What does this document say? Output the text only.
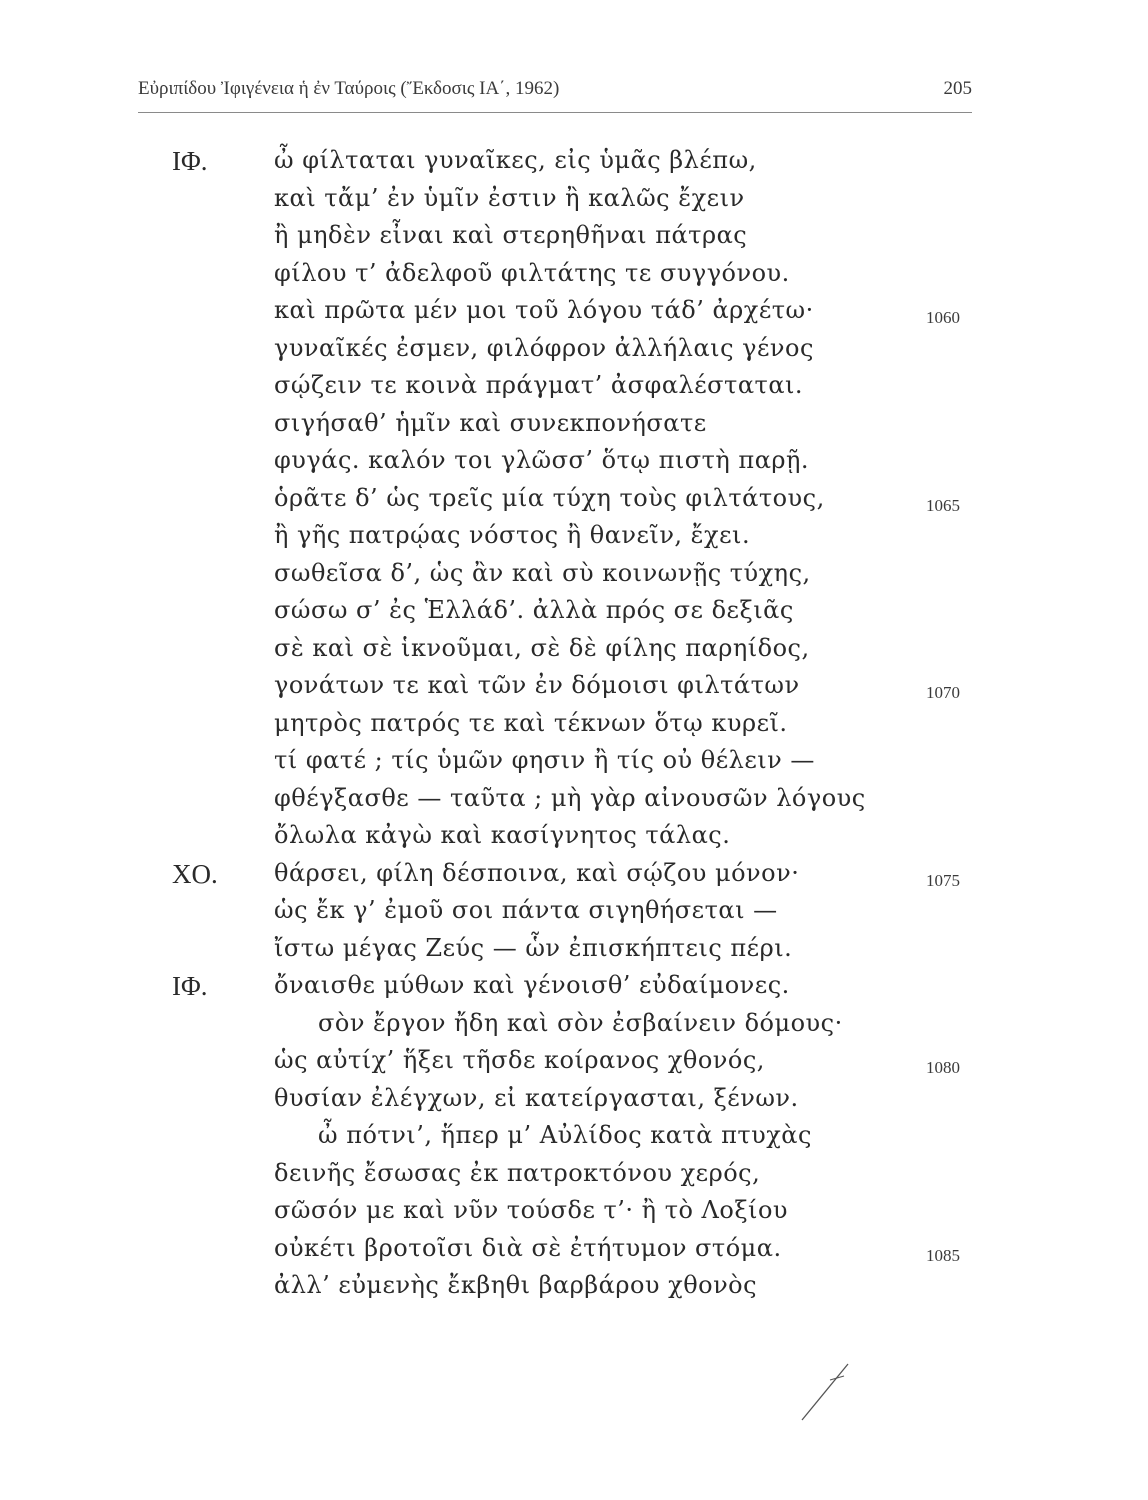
Εὐριπίδου Ἰφιγένεια ἡ ἐν Ταύροις (Ἔκδοσις ΙΑ΄, 1962)	205
ΙΦ.	ὦ φίλταται γυναῖκες, εἰς ὑμᾶς βλέπω,
καὶ τἄμ’ ἐν ὑμῖν ἐστιν ἢ καλῶς ἔχειν
ἢ μηδὲν εἶναι καὶ στερηθῆναι πάτρας
φίλου τ’ ἀδελφοῦ φιλτάτης τε συγγόνου.
καὶ πρῶτα μέν μοι τοῦ λόγου τάδ’ ἀρχέτω·	1060
γυναῖκές ἐσμεν, φιλόφρον ἀλλήλαις γένος
σῴζειν τε κοινὰ πράγματ’ ἀσφαλέσταται.
σιγήσαθ’ ἡμῖν καὶ συνεκπονήσατε
φυγάς. καλόν τοι γλῶσσ’ ὅτῳ πιστὴ παρῇ.
ὁρᾶτε δ’ ὡς τρεῖς μία τύχη τοὺς φιλτάτους,	1065
ἢ γῆς πατρῴας νόστος ἢ θανεῖν, ἔχει.
σωθεῖσα δ’, ὡς ἂν καὶ σὺ κοινωνῇς τύχης,
σώσω σ’ ἐς Ἑλλάδ’. ἀλλὰ πρός σε δεξιᾶς
σὲ καὶ σὲ ἱκνοῦμαι, σὲ δὲ φίλης παρηίδος,
γονάτων τε καὶ τῶν ἐν δόμοισι φιλτάτων	1070
μητρὸς πατρός τε καὶ τέκνων ὅτῳ κυρεῖ.
τί φατέ ; τίς ὑμῶν φησιν ἢ τίς οὐ θέλειν —
φθέγξασθε — ταῦτα ; μὴ γὰρ αἰνουσῶν λόγους
ὄλωλα κἀγὼ καὶ κασίγνητος τάλας.
ΧΟ. θάρσει, φίλη δέσποινα, καὶ σῴζου μόνον·	1075
ὡς ἔκ γ’ ἐμοῦ σοι πάντα σιγηθήσεται —
ἴστω μέγας Ζεύς — ὧν ἐπισκήπτεις πέρι.
ΙΦ.	ὄναισθε μύθων καὶ γένοισθ’ εὐδαίμονες.
σὸν ἔργον ἤδη καὶ σὸν ἐσβαίνειν δόμους·
ὡς αὐτίχ’ ἥξει τῆσδε κοίρανος χθονός,	1080
θυσίαν ἐλέγχων, εἰ κατείργασται, ξένων.
ὦ πότνι’, ἥπερ μ’ Αὐλίδος κατὰ πτυχὰς
δεινῆς ἔσωσας ἐκ πατροκτόνου χερός,
σῶσόν με καὶ νῦν τούσδε τ’· ἢ τὸ Λοξίου
οὐκέτι βροτοῖσι διὰ σὲ ἐτήτυμον στόμα.	1085
ἀλλ’ εὐμενὴς ἔκβηθι βαρβάρου χθονὸς
